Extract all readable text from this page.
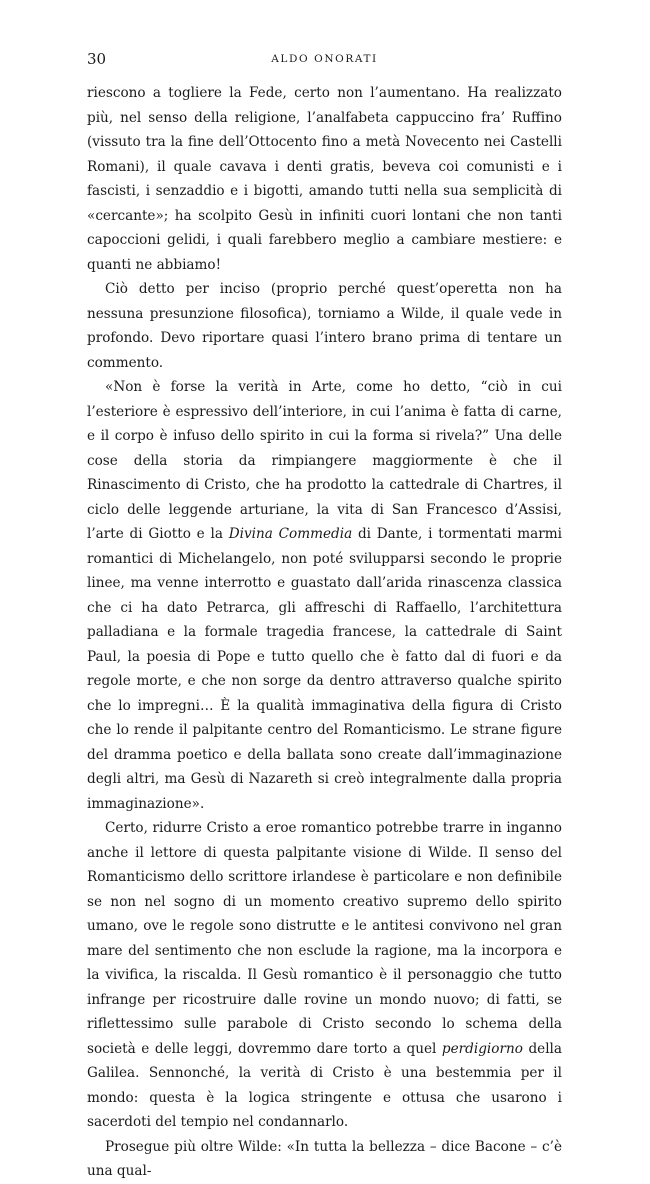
30	ALDO ONORATI

riescono a togliere la Fede, certo non l’aumentano. Ha realizzato più, nel senso della religione, l’analfabeta cappuccino fra’ Ruffino (vissuto tra la fine dell’Ottocento fino a metà Novecento nei Castelli Romani), il quale cavava i denti gratis, beveva coi comunisti e i fascisti, i senzaddio e i bigotti, amando tutti nella sua semplicità di «cercante»; ha scolpito Gesù in infiniti cuori lontani che non tanti capoccioni gelidi, i quali farebbero meglio a cambiare mestiere: e quanti ne abbiamo!

Ciò detto per inciso (proprio perché quest’operetta non ha nessuna presunzione filosofica), torniamo a Wilde, il quale vede in profondo. Devo riportare quasi l’intero brano prima di tentare un commento.

«Non è forse la verità in Arte, come ho detto, “ciò in cui l’esteriore è espressivo dell’interiore, in cui l’anima è fatta di carne, e il corpo è infuso dello spirito in cui la forma si rivela?” Una delle cose della storia da rimpiangere maggiormente è che il Rinascimento di Cristo, che ha prodotto la cattedrale di Chartres, il ciclo delle leggende arturiane, la vita di San Francesco d’Assisi, l’arte di Giotto e la Divina Commedia di Dante, i tormentati marmi romantici di Michelangelo, non poté svilupparsi secondo le proprie linee, ma venne interrotto e guastato dall’arida rinascenza classica che ci ha dato Petrarca, gli affreschi di Raffaello, l’architettura palladiana e la formale tragedia francese, la cattedrale di Saint Paul, la poesia di Pope e tutto quello che è fatto dal di fuori e da regole morte, e che non sorge da dentro attraverso qualche spirito che lo impregni… È la qualità immaginativa della figura di Cristo che lo rende il palpitante centro del Romanticismo. Le strane figure del dramma poetico e della ballata sono create dall’immaginazione degli altri, ma Gesù di Nazareth si creò integralmente dalla propria immaginazione».

Certo, ridurre Cristo a eroe romantico potrebbe trarre in inganno anche il lettore di questa palpitante visione di Wilde. Il senso del Romanticismo dello scrittore irlandese è particolare e non definibile se non nel sogno di un momento creativo supremo dello spirito umano, ove le regole sono distrutte e le antitesi convivono nel gran mare del sentimento che non esclude la ragione, ma la incorpora e la vivifica, la riscalda. Il Gesù romantico è il personaggio che tutto infrange per ricostruire dalle rovine un mondo nuovo; di fatti, se riflettessimo sulle parabole di Cristo secondo lo schema della società e delle leggi, dovremmo dare torto a quel perdigiorno della Galilea. Sennonché, la verità di Cristo è una bestemmia per il mondo: questa è la logica stringente e ottusa che usarono i sacerdoti del tempio nel condannarlo.

Prosegue più oltre Wilde: «In tutta la bellezza – dice Bacone – c’è una qual-
